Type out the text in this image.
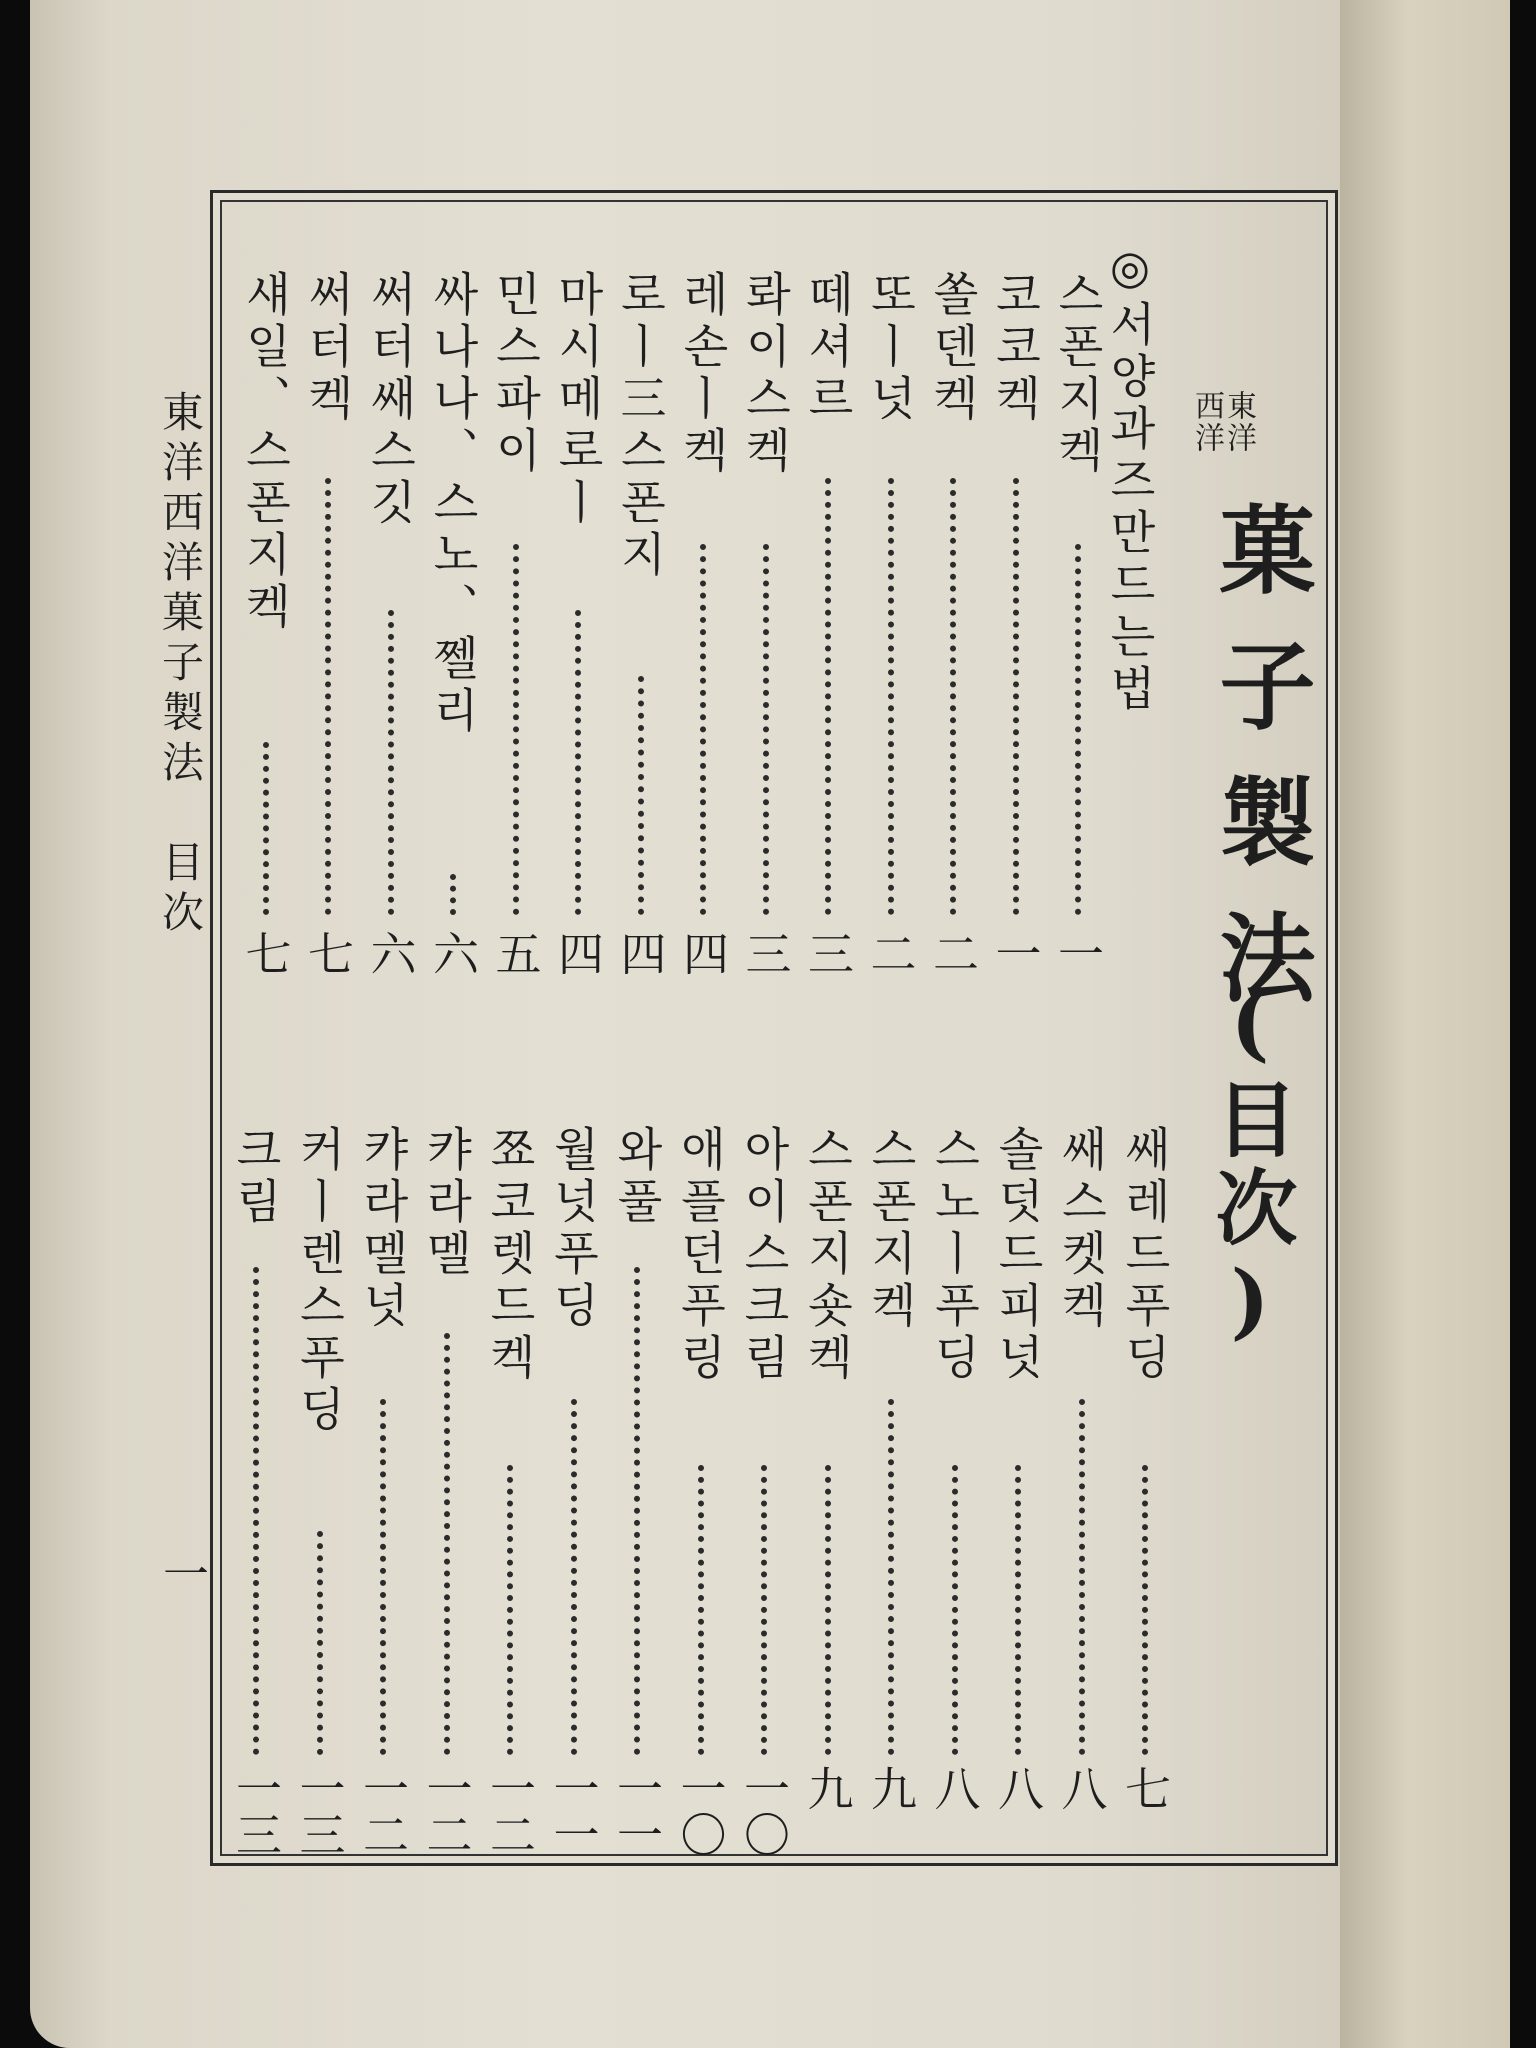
東洋
西洋
菓子製法
(目次)
東洋西洋菓子製法　目次
一
◎서양과즈만드는법
스폰지켁
一
코코켁
一
쏠덴켁
二
또ㅣ넛
二
떼셔르
三
롸이스켁
三
레손ㅣ켁
四
로ㅣ三스폰지
四
마시메로ㅣ
四
민스파이
五
싸나나、스노、쩰리
六
써터쌔스깃
六
써터켁
七
섀일、스폰지켁
七
쌔레드푸딩
七
쌔스켓켁
八
솔덧드피넛
八
스노ㅣ푸딩
八
스폰지켁
九
스폰지숏켁
九
아이스크림
一〇
애플던푸링
一〇
와풀
一一
월넛푸딩
一一
쬬코렛드켁
一二
캬라멜
一二
캬라멜넛
一二
커ㅣ렌스푸딩
一三
크림
一三
